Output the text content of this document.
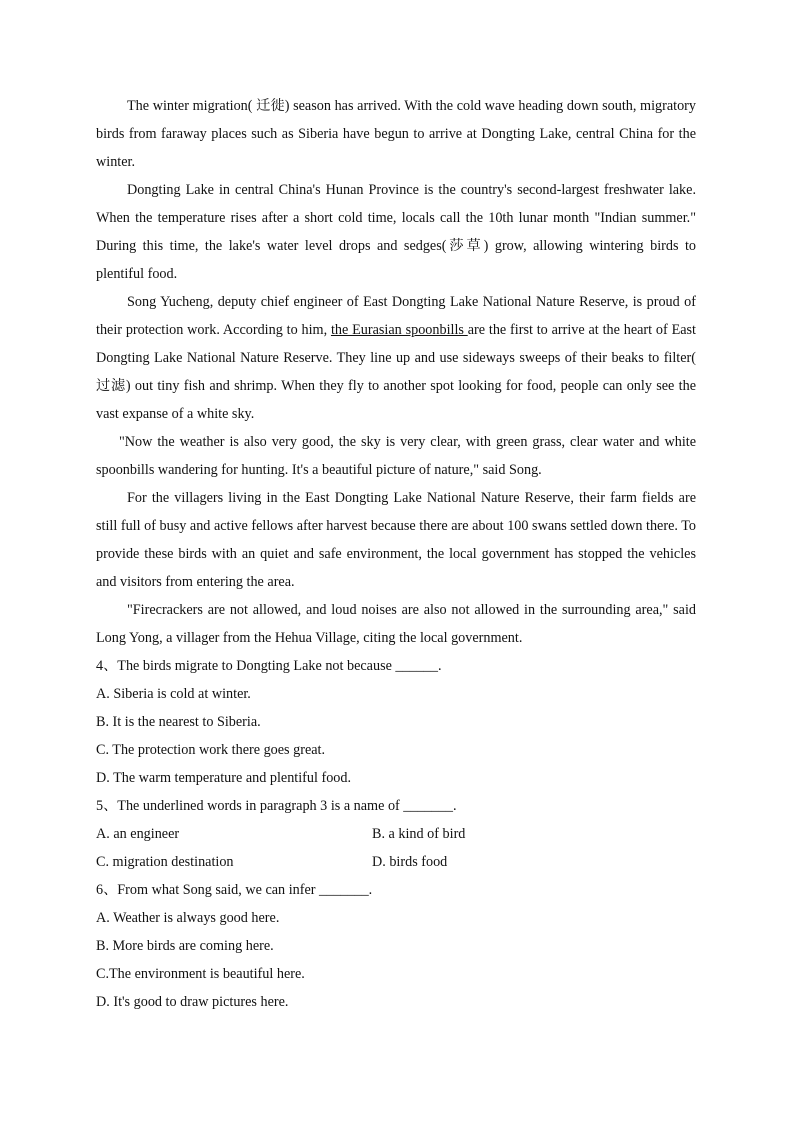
The winter migration( 迁徙) season has arrived. With the cold wave heading down south, migratory birds from faraway places such as Siberia have begun to arrive at Dongting Lake, central China for the winter.

Dongting Lake in central China's Hunan Province is the country's second-largest freshwater lake. When the temperature rises after a short cold time, locals call the 10th lunar month "Indian summer." During this time, the lake's water level drops and sedges(莎草) grow, allowing wintering birds to plentiful food.

Song Yucheng, deputy chief engineer of East Dongting Lake National Nature Reserve, is proud of their protection work. According to him, the Eurasian spoonbills are the first to arrive at the heart of East Dongting Lake National Nature Reserve. They line up and use sideways sweeps of their beaks to filter( 过滤) out tiny fish and shrimp. When they fly to another spot looking for food, people can only see the vast expanse of a white sky.

"Now the weather is also very good, the sky is very clear, with green grass, clear water and white spoonbills wandering for hunting. It's a beautiful picture of nature," said Song.

For the villagers living in the East Dongting Lake National Nature Reserve, their farm fields are still full of busy and active fellows after harvest because there are about 100 swans settled down there. To provide these birds with an quiet and safe environment, the local government has stopped the vehicles and visitors from entering the area.

"Firecrackers are not allowed, and loud noises are also not allowed in the surrounding area," said Long Yong, a villager from the Hehua Village, citing the local government.

4、The birds migrate to Dongting Lake not because ______.

A. Siberia is cold at winter.

B. It is the nearest to Siberia.

C. The protection work there goes great.

D. The warm temperature and plentiful food.

5、The underlined words in paragraph 3 is a name of _______.

A. an engineer	B. a kind of bird
C. migration destination	D. birds food

6、From what Song said, we can infer _______.

A. Weather is always good here.

B. More birds are coming here.

C.The environment is beautiful here.

D. It's good to draw pictures here.
